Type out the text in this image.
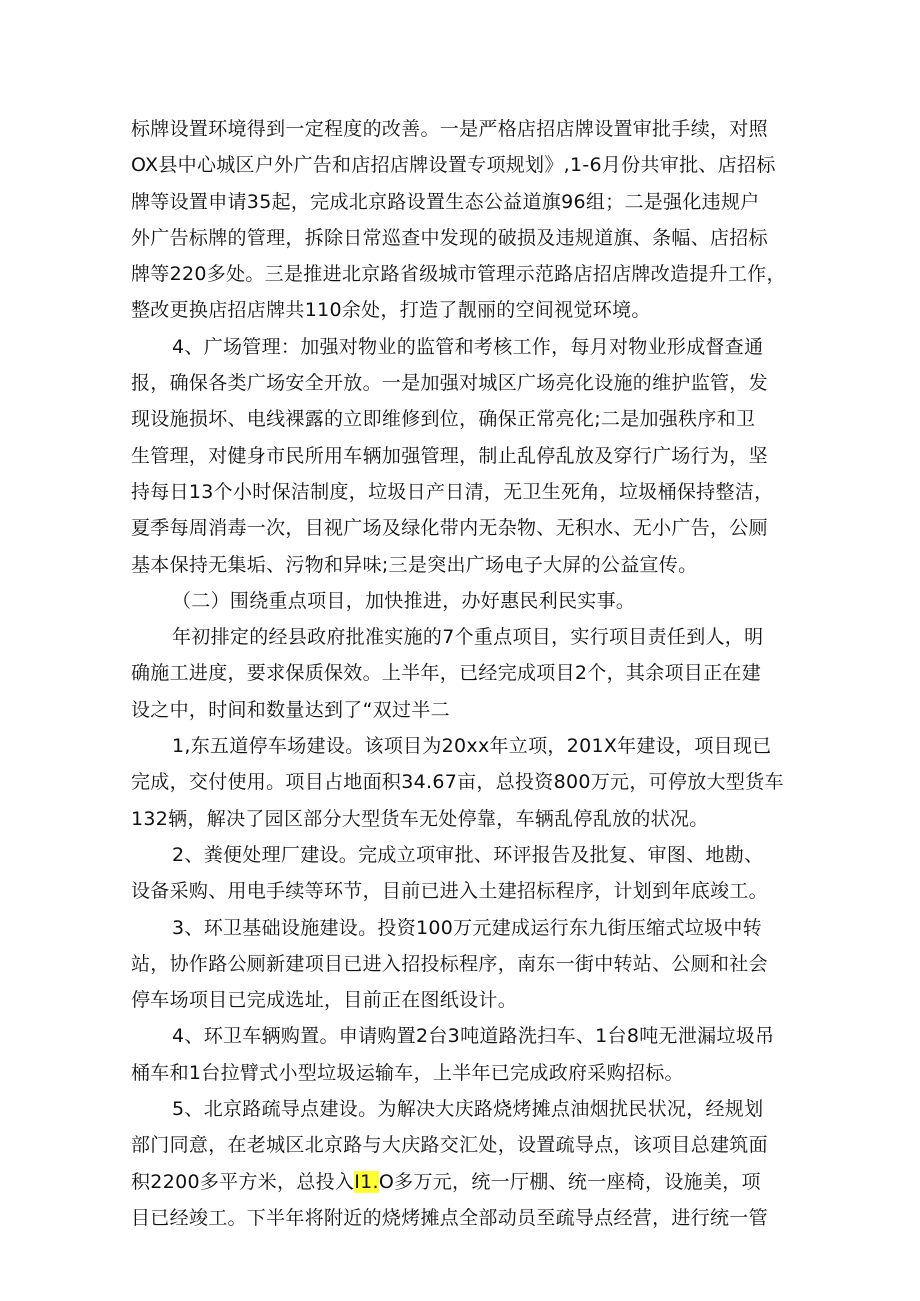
标牌设置环境得到一定程度的改善。一是严格店招店牌设置审批手续，对照
OX县中心城区户外广告和店招店牌设置专项规划》,1-6月份共审批、店招标
牌等设置申请35起，完成北京路设置生态公益道旗96组；二是强化违规户
外广告标牌的管理，拆除日常巡查中发现的破损及违规道旗、条幅、店招标
牌等220多处。三是推进北京路省级城市管理示范路店招店牌改造提升工作，
整改更换店招店牌共110余处，打造了靓丽的空间视觉环境。
4、广场管理：加强对物业的监管和考核工作，每月对物业形成督查通
报，确保各类广场安全开放。一是加强对城区广场亮化设施的维护监管，发
现设施损坏、电线裸露的立即维修到位，确保正常亮化;二是加强秩序和卫
生管理，对健身市民所用车辆加强管理，制止乱停乱放及穿行广场行为，坚
持每日13个小时保洁制度，垃圾日产日清，无卫生死角，垃圾桶保持整洁，
夏季每周消毒一次，目视广场及绿化带内无杂物、无积水、无小广告，公厕
基本保持无集垢、污物和异味;三是突出广场电子大屏的公益宣传。
（二）围绕重点项目，加快推进，办好惠民利民实事。
年初排定的经县政府批准实施的7个重点项目，实行项目责任到人，明
确施工进度，要求保质保效。上半年，已经完成项目2个，其余项目正在建
设之中，时间和数量达到了“双过半二
1,东五道停车场建设。该项目为20xx年立项，201X年建设，项目现已
完成，交付使用。项目占地面积34.67亩，总投资800万元，可停放大型货车
132辆，解决了园区部分大型货车无处停靠，车辆乱停乱放的状况。
2、粪便处理厂建设。完成立项审批、环评报告及批复、审图、地勘、
设备采购、用电手续等环节，目前已进入土建招标程序，计划到年底竣工。
3、环卫基础设施建设。投资100万元建成运行东九街压缩式垃圾中转
站，协作路公厕新建项目已进入招投标程序，南东一街中转站、公厕和社会
停车场项目已完成选址，目前正在图纸设计。
4、环卫车辆购置。申请购置2台3吨道路洗扫车、1台8吨无泄漏垃圾吊
桶车和1台拉臂式小型垃圾运输车，上半年已完成政府采购招标。
5、北京路疏导点建设。为解决大庆路烧烤摊点油烟扰民状况，经规划
部门同意，在老城区北京路与大庆路交汇处，设置疏导点，该项目总建筑面
积2200多平方米，总投入I1.O多万元，统一厅棚、统一座椅，设施美，项
目已经竣工。下半年将附近的烧烤摊点全部动员至疏导点经营，进行统一管
